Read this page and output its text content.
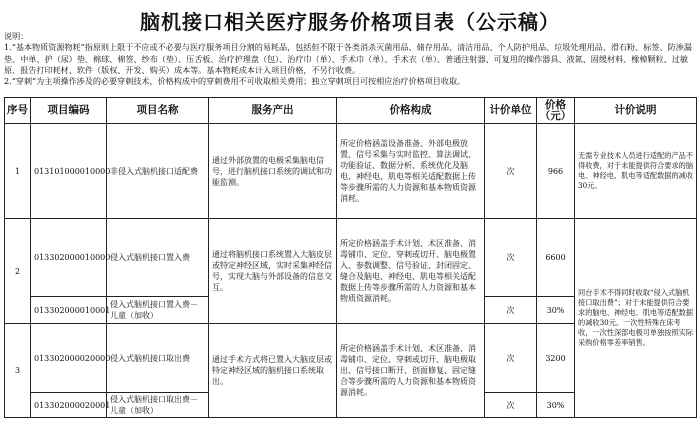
脑机接口相关医疗服务价格项目表（公示稿）
说明：
1.“基本物质资源物耗”指原则上限于不应或不必要与医疗服务项目分割的易耗品，包括但不限于各类消杀灭菌用品、储存用品、清洁用品、个人防护用品、垃圾处理用品、滑石粉、标签、防渗漏垫、中单、护（尿）垫、棉球、棉签、纱布（垫）、压舌板、治疗护理盘（包）、治疗巾（单）、手术巾（单）、手术衣（单）、普通注射器、可复用的操作器具、液氮、固缓材料、橡樟颗粒、过敏原、报告打印耗材、软件（版权、开发、购买）成本等。基本物耗成本计入项目价格，不另行收费。
2.“穿刺”为主项操作涉及的必要穿刺技术，价格构成中的穿刺费用不可收取相关费用；独立穿刺项目可按相应治疗价格项目收取。
序号	项目编码	项目名称	服务产出	价格构成	计价单位	价格（元）	计价说明
1	013101000010000	非侵入式脑机接口适配费	通过外部放置的电极采集脑电信号，进行脑机接口系统的调试和功能监测。	所定价格涵盖设备准备、外部电极放置、信号采集与实时监控、算法调试、功能验证、数据分析、系统优化及脑电、神经电、肌电等相关适配数据上传等步骤所需的人力资源和基本物质资源消耗。	次	966	无需专业技术人员进行适配的产品不得收费，对于未能提供符合要求的脑电、神经电、肌电等适配数据的减收30元。
2	013302000010000	侵入式脑机接口置入费	通过将脑机接口系统置入大脑皮层或特定神经区域，实时采集神经信号，实现大脑与外部设备的信息交互。	所定价格涵盖手术计划、术区准备、消毒铺巾、定位、穿刺或切开、脑电极置入、参数调整、信号验证、封闭固定、缝合及脑电、神经电、肌电等相关适配数据上传等步骤所需的人力资源和基本物质资源消耗。	次	6600	同台手术不得同时收取“侵入式脑机接口取出费”；对于未能提供符合要求的脑电、神经电、肌电等适配数据的减收30元。一次性特殊在床考收，一次性深部电极可单独按照实际采购价格零差率销售。
	013302000010001	侵入式脑机接口置入费－儿童（加收）			次	30%	
3	013302000020000	侵入式脑机接口取出费	通过手术方式将已置入大脑皮层或特定神经区域的脑机接口系统取出。	所定价格涵盖手术计划、术区准备、消毒铺巾、定位、穿刺或切开、脑电极取出、信号接口断开、创面修复、固定缝合等步骤所需的人力资源和基本物质资源消耗。	次	3200	
	013302000020001	侵入式脑机接口取出费－儿童（加收）			次	30%	
